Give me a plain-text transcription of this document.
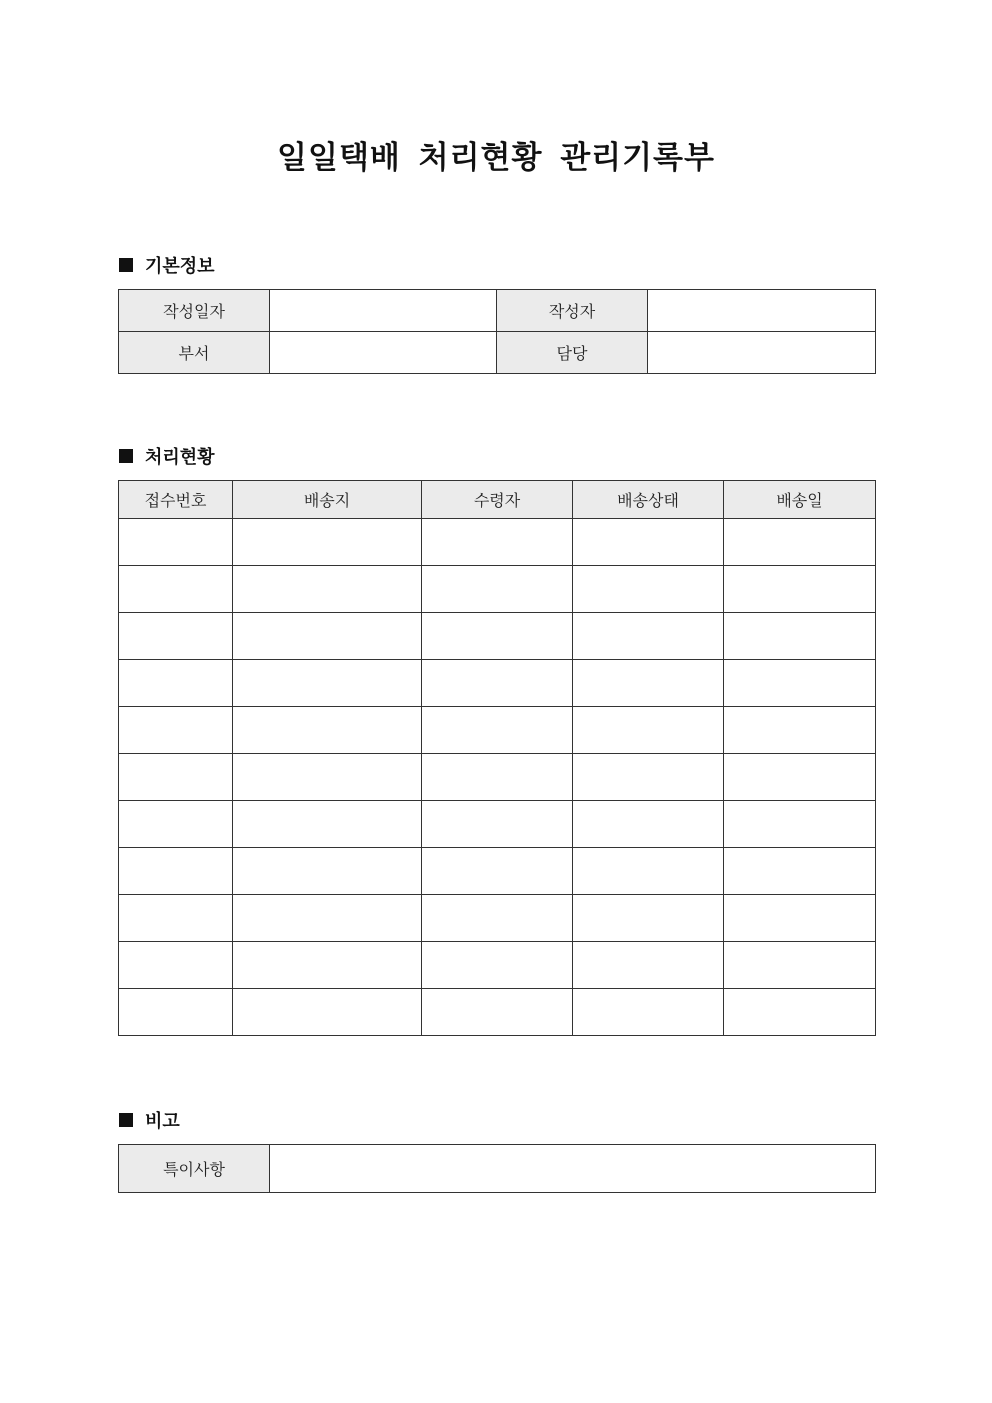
일일택배 처리현황 관리기록부
기본정보
작성일자		작성자	
부서		담당	
처리현황
접수번호	배송지	수령자	배송상태	배송일

비고
특이사항	
